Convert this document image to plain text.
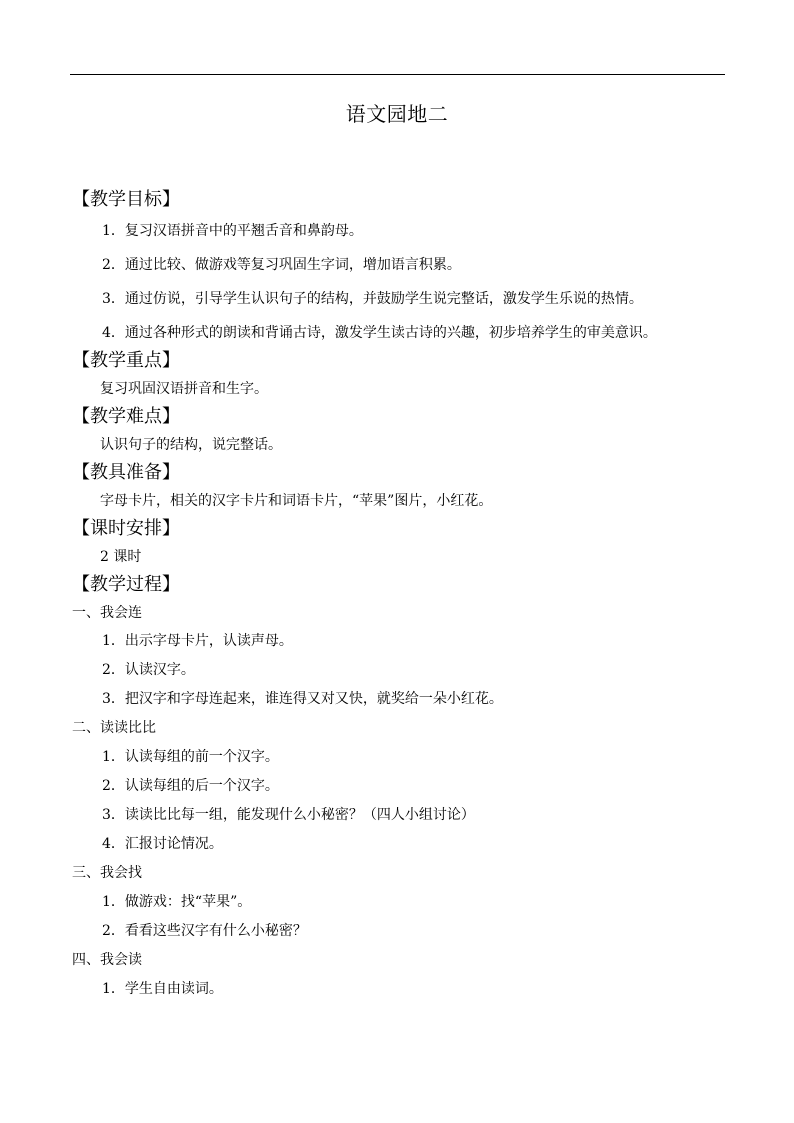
语文园地二
【教学目标】
1．复习汉语拼音中的平翘舌音和鼻韵母。
2．通过比较、做游戏等复习巩固生字词，增加语言积累。
3．通过仿说，引导学生认识句子的结构，并鼓励学生说完整话，激发学生乐说的热情。
4．通过各种形式的朗读和背诵古诗，激发学生读古诗的兴趣，初步培养学生的审美意识。
【教学重点】
复习巩固汉语拼音和生字。
【教学难点】
认识句子的结构，说完整话。
【教具准备】
字母卡片，相关的汉字卡片和词语卡片，“苹果”图片，小红花。
【课时安排】
2 课时
【教学过程】
一、我会连
1．出示字母卡片，认读声母。
2．认读汉字。
3．把汉字和字母连起来，谁连得又对又快，就奖给一朵小红花。
二、读读比比
1．认读每组的前一个汉字。
2．认读每组的后一个汉字。
3．读读比比每一组，能发现什么小秘密？（四人小组讨论）
4．汇报讨论情况。
三、我会找
1．做游戏：找“苹果”。
2．看看这些汉字有什么小秘密？
四、我会读
1．学生自由读词。
